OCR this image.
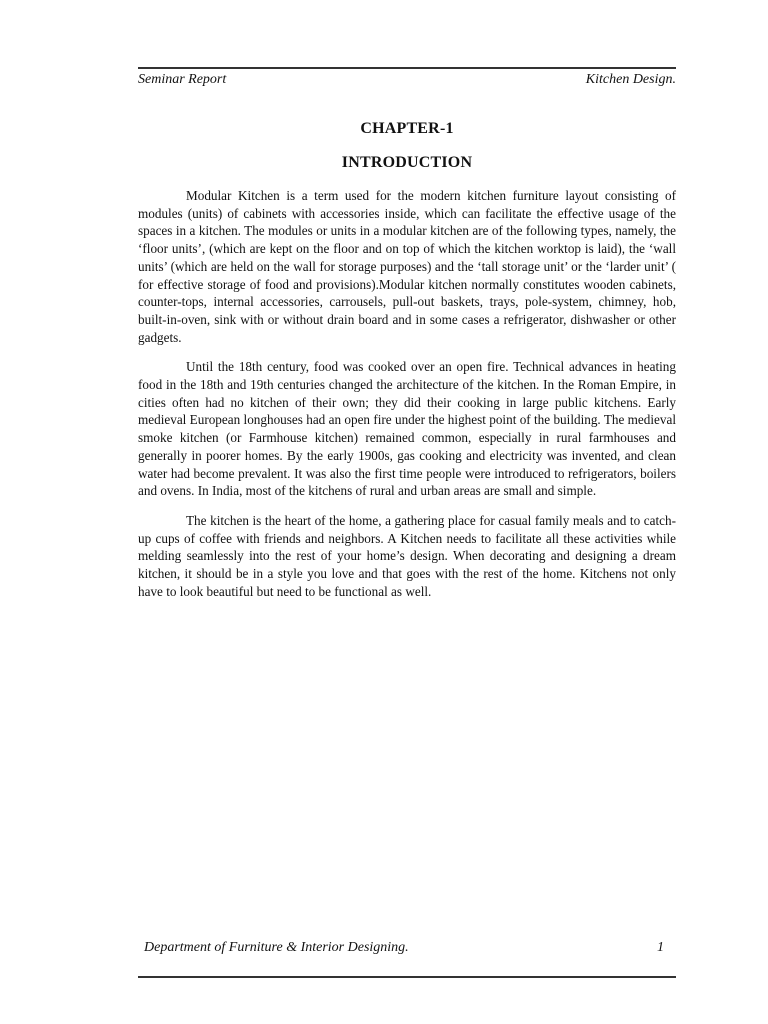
Seminar Report	Kitchen Design.
CHAPTER-1
INTRODUCTION

Modular Kitchen is a term used for the modern kitchen furniture layout consisting of modules (units) of cabinets with accessories inside, which can facilitate the effective usage of the spaces in a kitchen. The modules or units in a modular kitchen are of the following types, namely, the ‘floor units’, (which are kept on the floor and on top of which the kitchen worktop is laid), the ‘wall units’ (which are held on the wall for storage purposes) and the ‘tall storage unit’ or the ‘larder unit’ ( for effective storage of food and provisions).Modular kitchen normally constitutes wooden cabinets, counter-tops, internal accessories, carrousels, pull-out baskets, trays, pole-system, chimney, hob, built-in-oven, sink with or without drain board and in some cases a refrigerator, dishwasher or other gadgets.

Until the 18th century, food was cooked over an open fire. Technical advances in heating food in the 18th and 19th centuries changed the architecture of the kitchen. In the Roman Empire, in cities often had no kitchen of their own; they did their cooking in large public kitchens. Early medieval European longhouses had an open fire under the highest point of the building. The medieval smoke kitchen (or Farmhouse kitchen) remained common, especially in rural farmhouses and generally in poorer homes. By the early 1900s, gas cooking and electricity was invented, and clean water had become prevalent. It was also the first time people were introduced to refrigerators, boilers and ovens. In India, most of the kitchens of rural and urban areas are small and simple.

The kitchen is the heart of the home, a gathering place for casual family meals and to catch-up cups of coffee with friends and neighbors. A Kitchen needs to facilitate all these activities while melding seamlessly into the rest of your home’s design. When decorating and designing a dream kitchen, it should be in a style you love and that goes with the rest of the home. Kitchens not only have to look beautiful but need to be functional as well.

Department of Furniture & Interior Designing.	1
